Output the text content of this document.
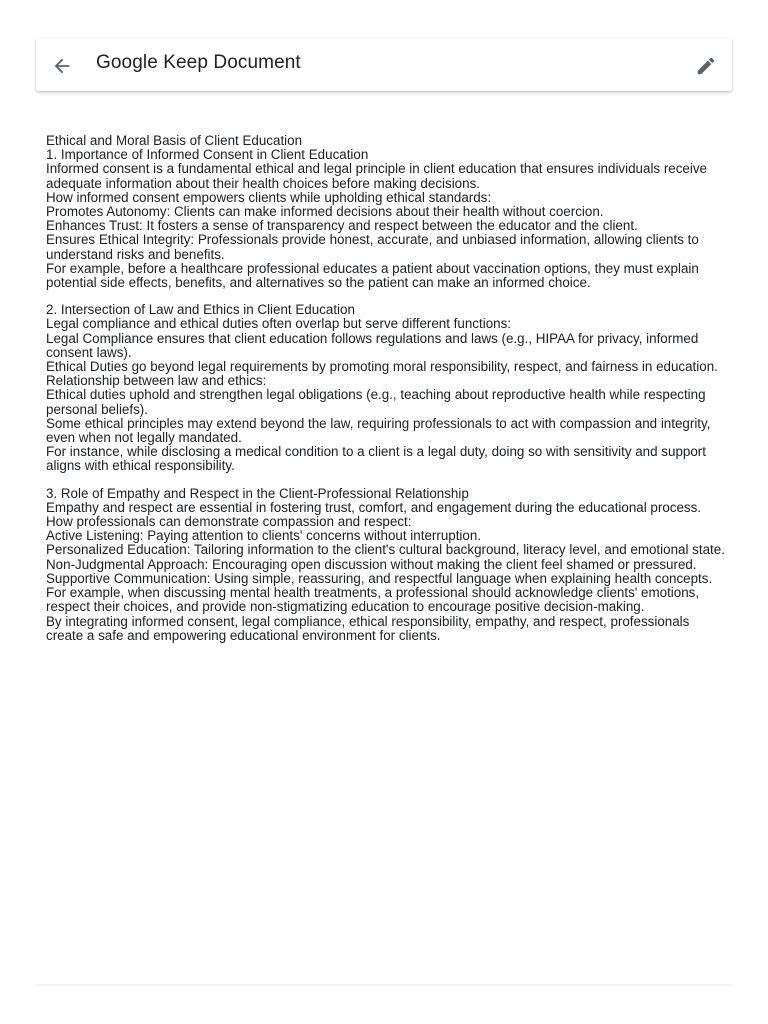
Google Keep Document

Ethical and Moral Basis of Client Education

1. Importance of Informed Consent in Client Education

Informed consent is a fundamental ethical and legal principle in client education that ensures individuals receive adequate information about their health choices before making decisions.

How informed consent empowers clients while upholding ethical standards:

Promotes Autonomy: Clients can make informed decisions about their health without coercion.

Enhances Trust: It fosters a sense of transparency and respect between the educator and the client.

Ensures Ethical Integrity: Professionals provide honest, accurate, and unbiased information, allowing clients to understand risks and benefits.

For example, before a healthcare professional educates a patient about vaccination options, they must explain potential side effects, benefits, and alternatives so the patient can make an informed choice.

2. Intersection of Law and Ethics in Client Education

Legal compliance and ethical duties often overlap but serve different functions:

Legal Compliance ensures that client education follows regulations and laws (e.g., HIPAA for privacy, informed consent laws).

Ethical Duties go beyond legal requirements by promoting moral responsibility, respect, and fairness in education.

Relationship between law and ethics:

Ethical duties uphold and strengthen legal obligations (e.g., teaching about reproductive health while respecting personal beliefs).

Some ethical principles may extend beyond the law, requiring professionals to act with compassion and integrity, even when not legally mandated.

For instance, while disclosing a medical condition to a client is a legal duty, doing so with sensitivity and support aligns with ethical responsibility.

3. Role of Empathy and Respect in the Client-Professional Relationship

Empathy and respect are essential in fostering trust, comfort, and engagement during the educational process.

How professionals can demonstrate compassion and respect:

Active Listening: Paying attention to clients' concerns without interruption.

Personalized Education: Tailoring information to the client's cultural background, literacy level, and emotional state.

Non-Judgmental Approach: Encouraging open discussion without making the client feel shamed or pressured.

Supportive Communication: Using simple, reassuring, and respectful language when explaining health concepts.

For example, when discussing mental health treatments, a professional should acknowledge clients' emotions, respect their choices, and provide non-stigmatizing education to encourage positive decision-making.

By integrating informed consent, legal compliance, ethical responsibility, empathy, and respect, professionals create a safe and empowering educational environment for clients.
